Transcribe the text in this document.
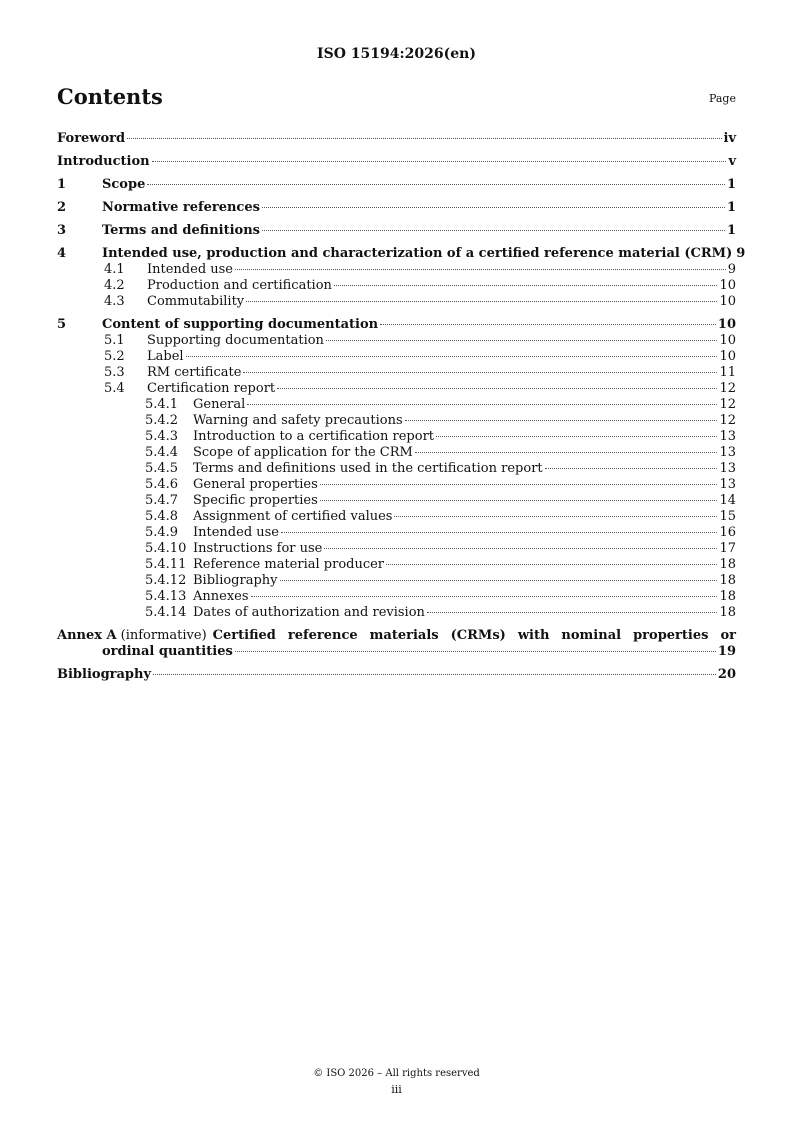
ISO 15194:2026(en)
Contents	Page
Foreword	iv
Introduction	v
1	Scope	1
2	Normative references	1
3	Terms and definitions	1
4	Intended use, production and characterization of a certified reference material (CRM) 9
4.1	Intended use	9
4.2	Production and certification	10
4.3	Commutability	10
5	Content of supporting documentation	10
5.1	Supporting documentation	10
5.2	Label	10
5.3	RM certificate	11
5.4	Certification report	12
5.4.1	General	12
5.4.2	Warning and safety precautions	12
5.4.3	Introduction to a certification report	13
5.4.4	Scope of application for the CRM	13
5.4.5	Terms and definitions used in the certification report	13
5.4.6	General properties	13
5.4.7	Specific properties	14
5.4.8	Assignment of certified values	15
5.4.9	Intended use	16
5.4.10 Instructions for use	17
5.4.11 Reference material producer	18
5.4.12 Bibliography	18
5.4.13 Annexes	18
5.4.14 Dates of authorization and revision	18
Annex A (informative) Certified reference materials (CRMs) with nominal properties or
ordinal quantities	19
Bibliography	20
© ISO 2026 – All rights reserved
iii
